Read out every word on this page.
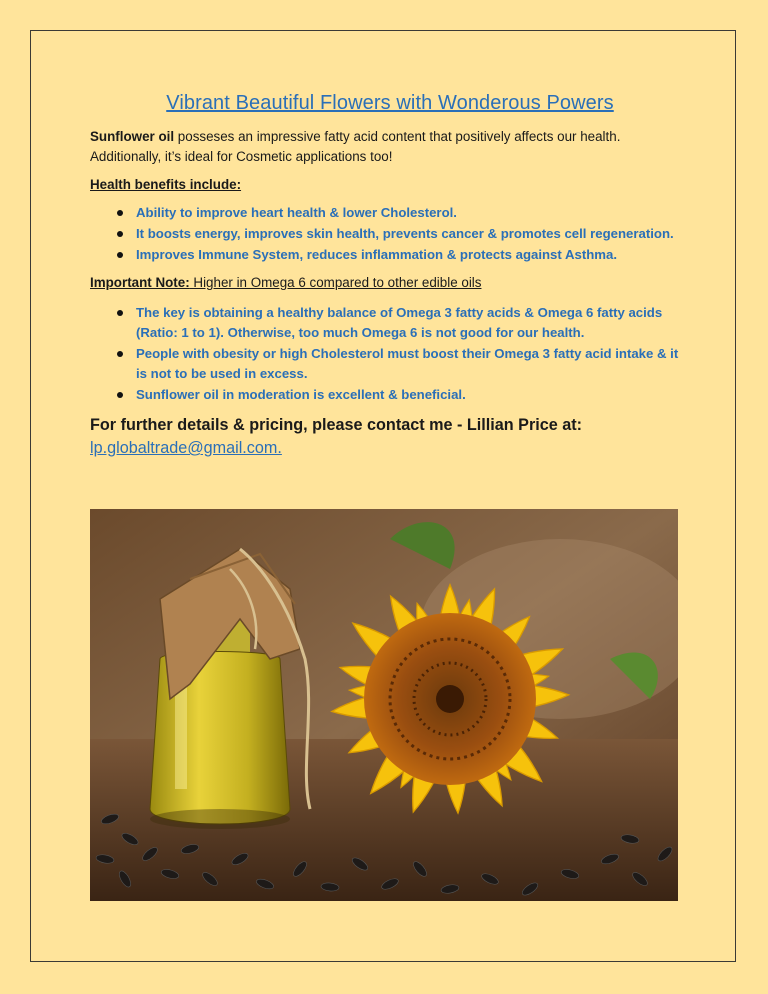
Vibrant Beautiful Flowers with Wonderous Powers

Sunflower oil posseses an impressive fatty acid content that positively affects our health. Additionally, it’s ideal for Cosmetic applications too!

Health benefits include:

Ability to improve heart health & lower Cholesterol.
It boosts energy, improves skin health, prevents cancer & promotes cell regeneration.
Improves Immune System, reduces inflammation & protects against Asthma.

Important Note: Higher in Omega 6 compared to other edible oils

The key is obtaining a healthy balance of Omega 3 fatty acids & Omega 6 fatty acids (Ratio: 1 to 1). Otherwise, too much Omega 6 is not good for our health.
People with obesity or high Cholesterol must boost their Omega 3 fatty acid intake & it is not to be used in excess.
Sunflower oil in moderation is excellent & beneficial.
For further details & pricing, please contact me - Lillian Price at:
lp.globaltrade@gmail.com.
